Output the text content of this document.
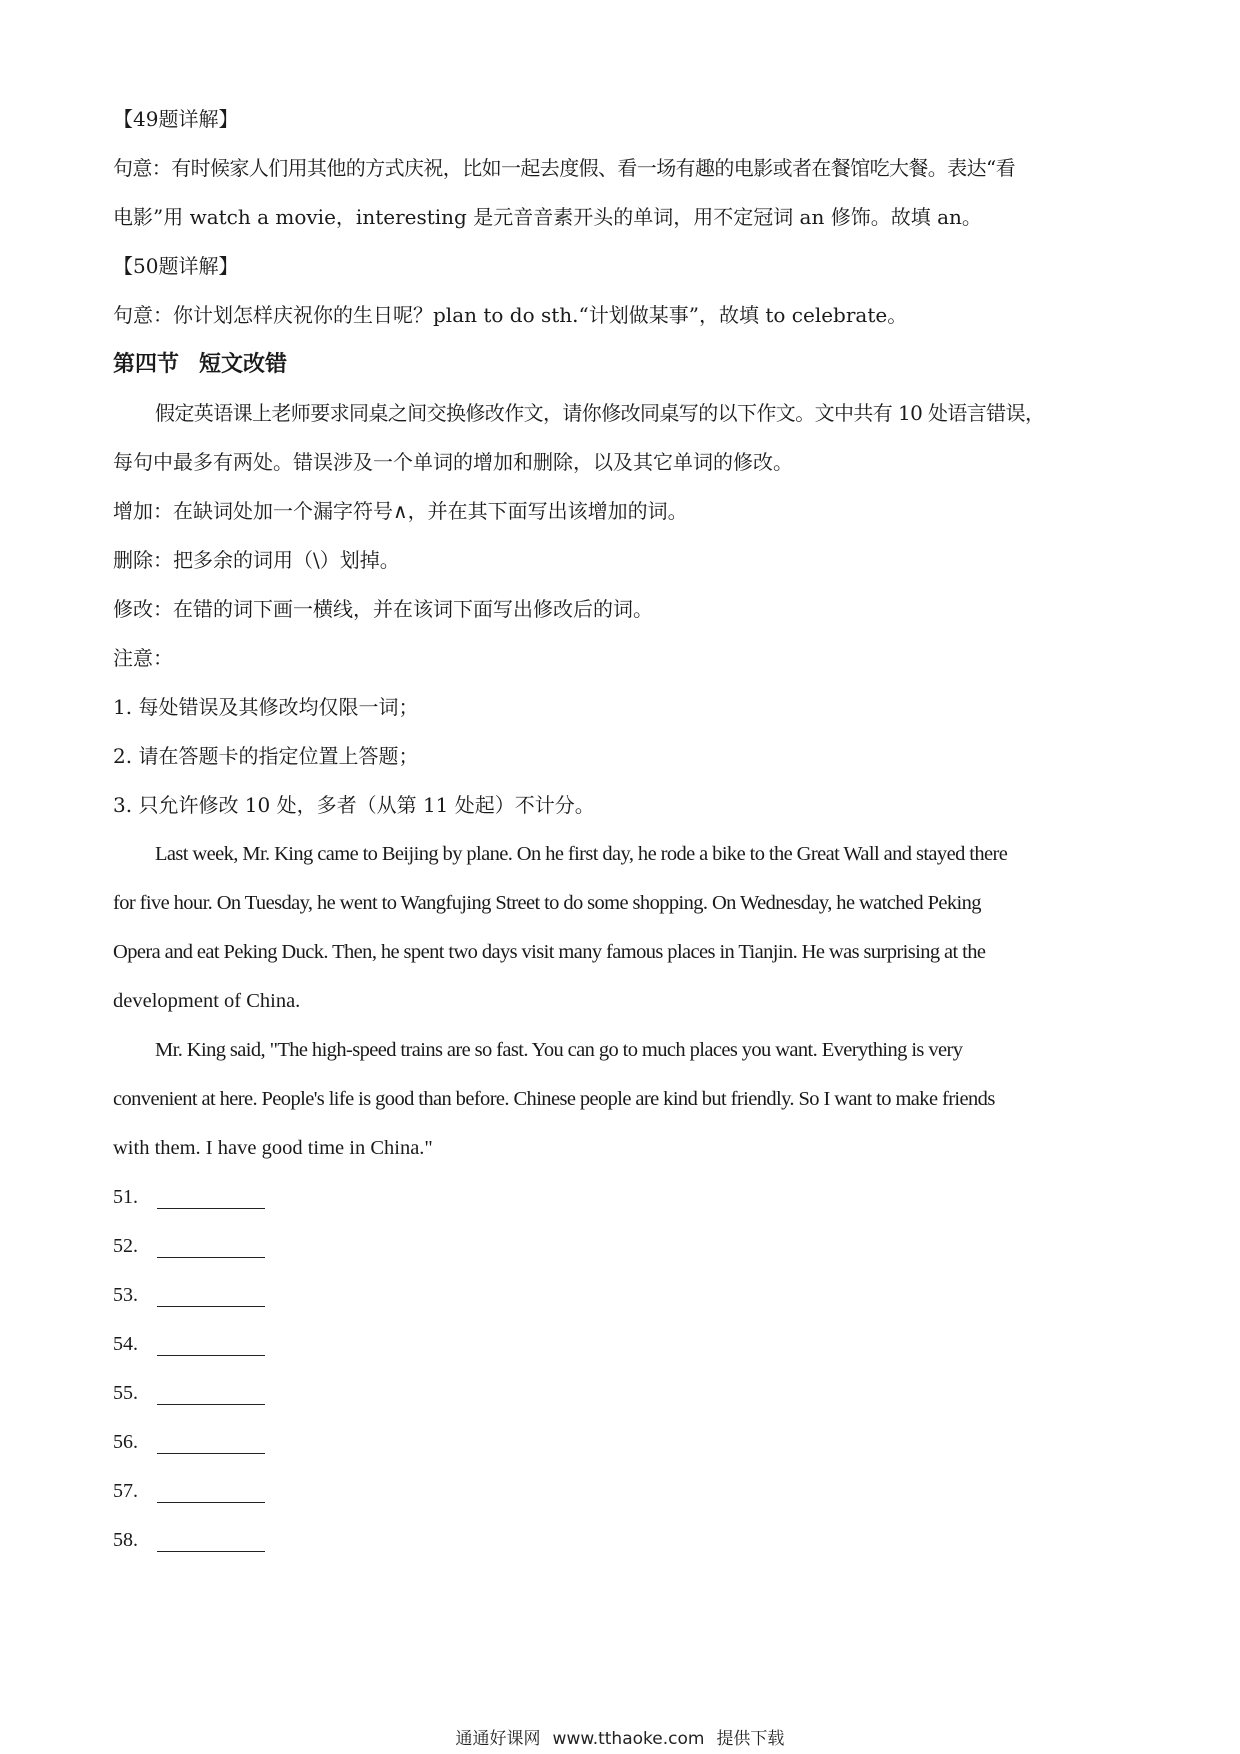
【49题详解】

句意：有时候家人们用其他的方式庆祝，比如一起去度假、看一场有趣的电影或者在餐馆吃大餐。表达“看

电影”用 watch a movie，interesting 是元音音素开头的单词，用不定冠词 an 修饰。故填 an。

【50题详解】

句意：你计划怎样庆祝你的生日呢？plan to do sth.“计划做某事”，故填 to celebrate。

第四节 短文改错

假定英语课上老师要求同桌之间交换修改作文，请你修改同桌写的以下作文。文中共有 10 处语言错误，

每句中最多有两处。错误涉及一个单词的增加和删除，以及其它单词的修改。

增加：在缺词处加一个漏字符号∧，并在其下面写出该增加的词。

删除：把多余的词用（\）划掉。

修改：在错的词下画一横线，并在该词下面写出修改后的词。

注意：

1. 每处错误及其修改均仅限一词；

2. 请在答题卡的指定位置上答题；

3. 只允许修改 10 处，多者（从第 11 处起）不计分。

Last week, Mr. King came to Beijing by plane. On he first day, he rode a bike to the Great Wall and stayed there

for five hour. On Tuesday, he went to Wangfujing Street to do some shopping. On Wednesday, he watched Peking

Opera and eat Peking Duck. Then, he spent two days visit many famous places in Tianjin. He was surprising at the

development of China.

Mr. King said, "The high-speed trains are so fast. You can go to much places you want. Everything is very

convenient at here. People's life is good than before. Chinese people are kind but friendly. So I want to make friends

with them. I have good time in China."

51.
52.
53.
54.
55.
56.
57.
58.
通通好课网 www.tthaoke.com 提供下载
